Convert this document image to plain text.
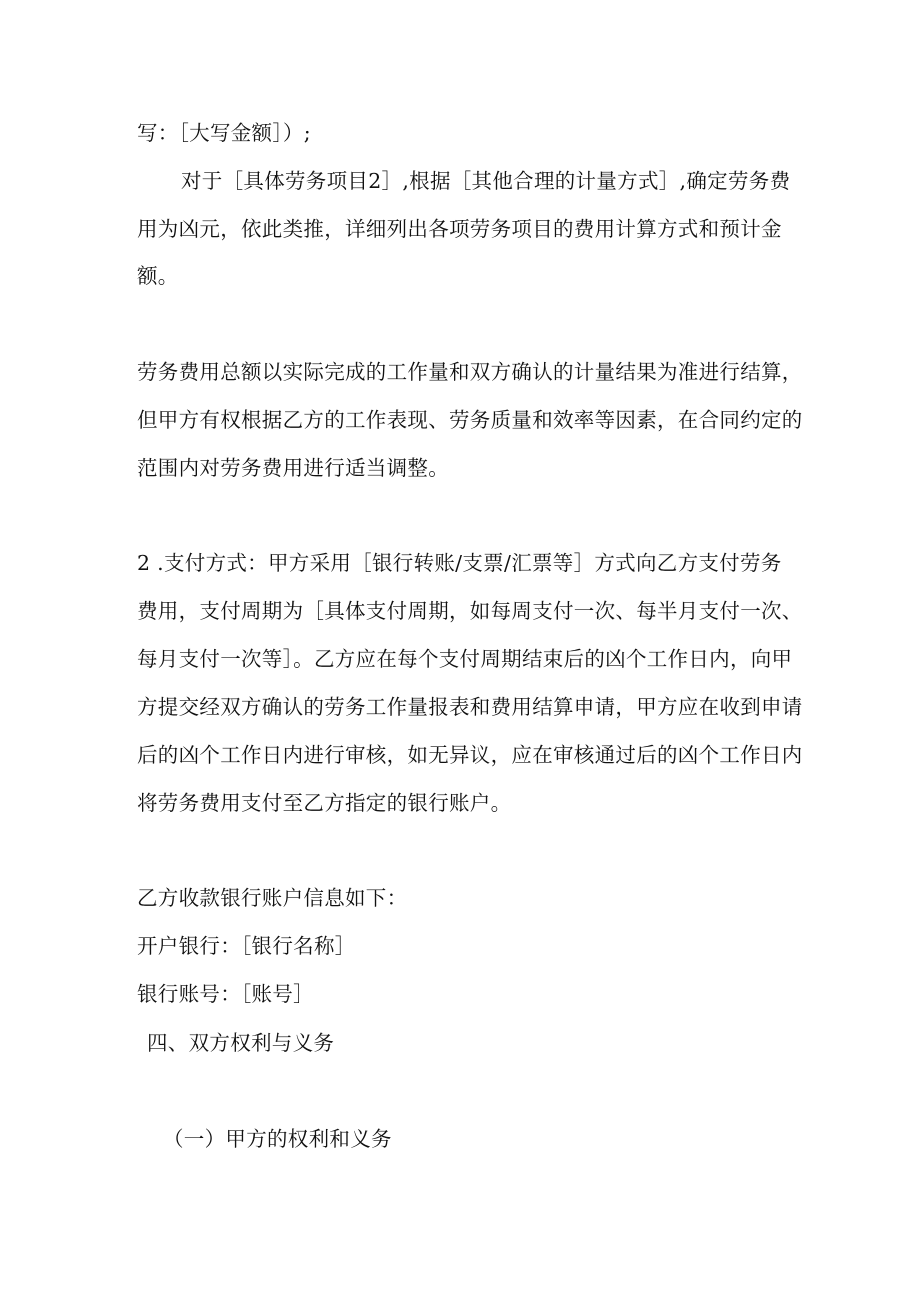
写：［大写金额］）;
对于［具体劳务项目2］,根据［其他合理的计量方式］,确定劳务费
用为凶元，依此类推，详细列出各项劳务项目的费用计算方式和预计金
额。
劳务费用总额以实际完成的工作量和双方确认的计量结果为准进行结算，
但甲方有权根据乙方的工作表现、劳务质量和效率等因素，在合同约定的
范围内对劳务费用进行适当调整。
2 .支付方式：甲方采用［银行转账/支票/汇票等］方式向乙方支付劳务
费用，支付周期为［具体支付周期，如每周支付一次、每半月支付一次、
每月支付一次等］。乙方应在每个支付周期结束后的凶个工作日内，向甲
方提交经双方确认的劳务工作量报表和费用结算申请，甲方应在收到申请
后的凶个工作日内进行审核，如无异议，应在审核通过后的凶个工作日内
将劳务费用支付至乙方指定的银行账户。
乙方收款银行账户信息如下：
开户银行：［银行名称］
银行账号：［账号］
四、双方权利与义务
（一）甲方的权利和义务
